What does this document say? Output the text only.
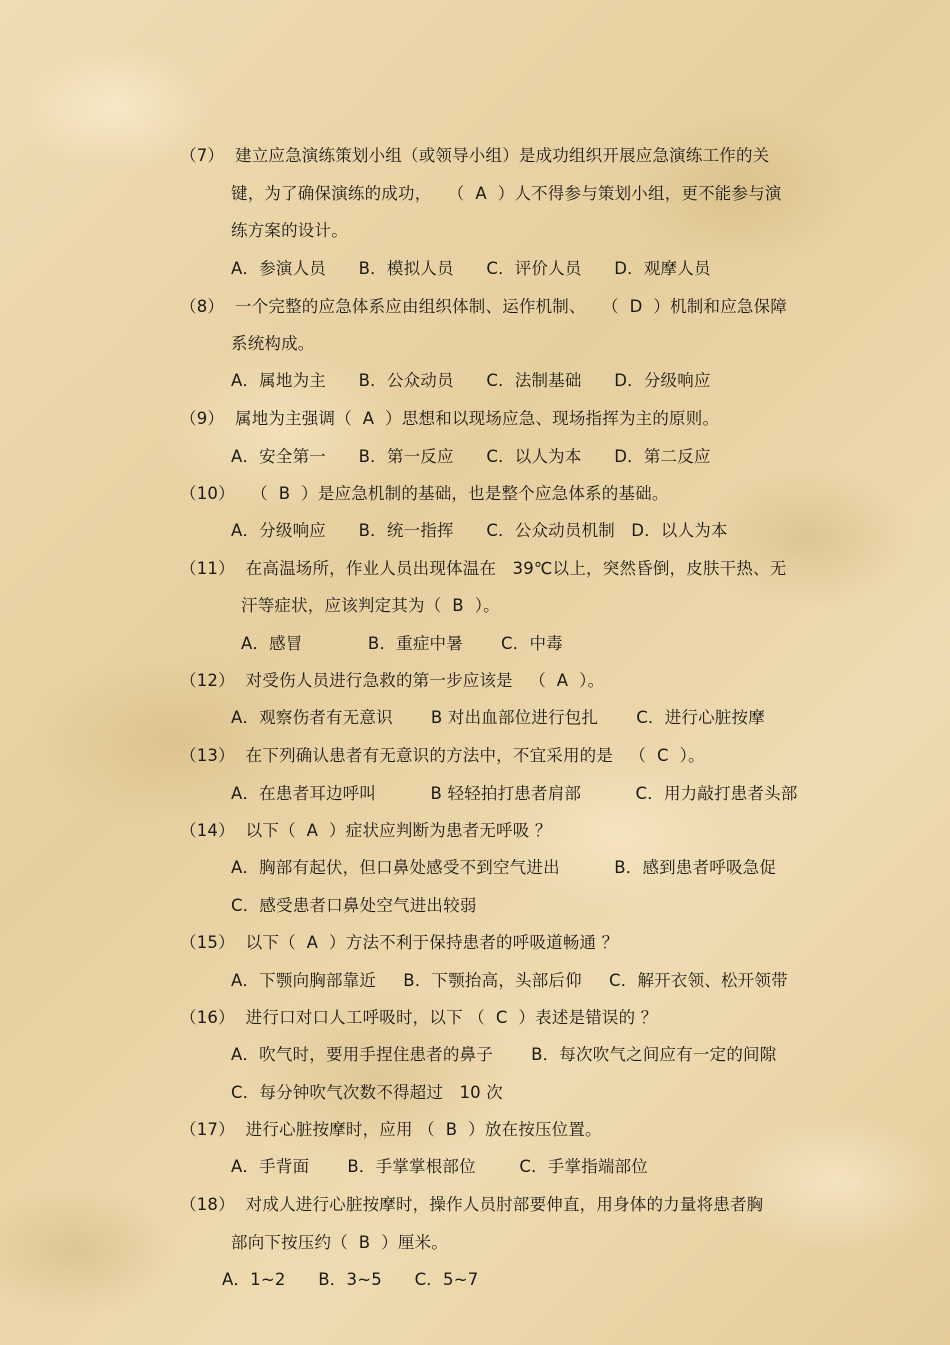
（7）  建立应急演练策划小组（或领导小组）是成功组织开展应急演练工作的关
键，为了确保演练的成功，   （  A  ）人不得参与策划小组，更不能参与演
练方案的设计。
A．参演人员      B．模拟人员      C．评价人员      D．观摩人员
（8）  一个完整的应急体系应由组织体制、运作机制、   （  D  ）机制和应急保障
系统构成。
A．属地为主      B．公众动员      C．法制基础      D．分级响应
（9）  属地为主强调（  A  ）思想和以现场应急、现场指挥为主的原则。
A．安全第一      B．第一反应      C．以人为本      D．第二反应
（10）   （  B  ）是应急机制的基础，也是整个应急体系的基础。
A．分级响应      B．统一指挥      C．公众动员机制   D．以人为本
（11）  在高温场所，作业人员出现体温在   39℃以上，突然昏倒，皮肤干热、无
汗等症状，应该判定其为（  B  ）。
A．感冒            B．重症中暑       C．中毒
（12）  对受伤人员进行急救的第一步应该是   （  A  ）。
A．观察伤者有无意识       B 对出血部位进行包扎       C．进行心脏按摩
（13）  在下列确认患者有无意识的方法中，不宜采用的是   （  C  ）。
A．在患者耳边呼叫          B 轻轻拍打患者肩部          C．用力敲打患者头部
（14）  以下（  A  ）症状应判断为患者无呼吸 ？
A．胸部有起伏，但口鼻处感受不到空气进出          B．感到患者呼吸急促
C．感受患者口鼻处空气进出较弱
（15）  以下（  A  ）方法不利于保持患者的呼吸道畅通 ？
A．下颚向胸部靠近     B．下颚抬高，头部后仰     C．解开衣领、松开领带
（16）  进行口对口人工呼吸时，以下 （  C  ）表述是错误的 ？
A．吹气时，要用手捏住患者的鼻子       B．每次吹气之间应有一定的间隙
C．每分钟吹气次数不得超过   10 次
（17）  进行心脏按摩时，应用 （  B  ）放在按压位置。
A．手背面       B．手掌掌根部位        C．手掌指端部位
（18）  对成人进行心脏按摩时，操作人员肘部要伸直，用身体的力量将患者胸
部向下按压约（  B  ）厘米。
A．1~2      B．3~5      C．5~7
